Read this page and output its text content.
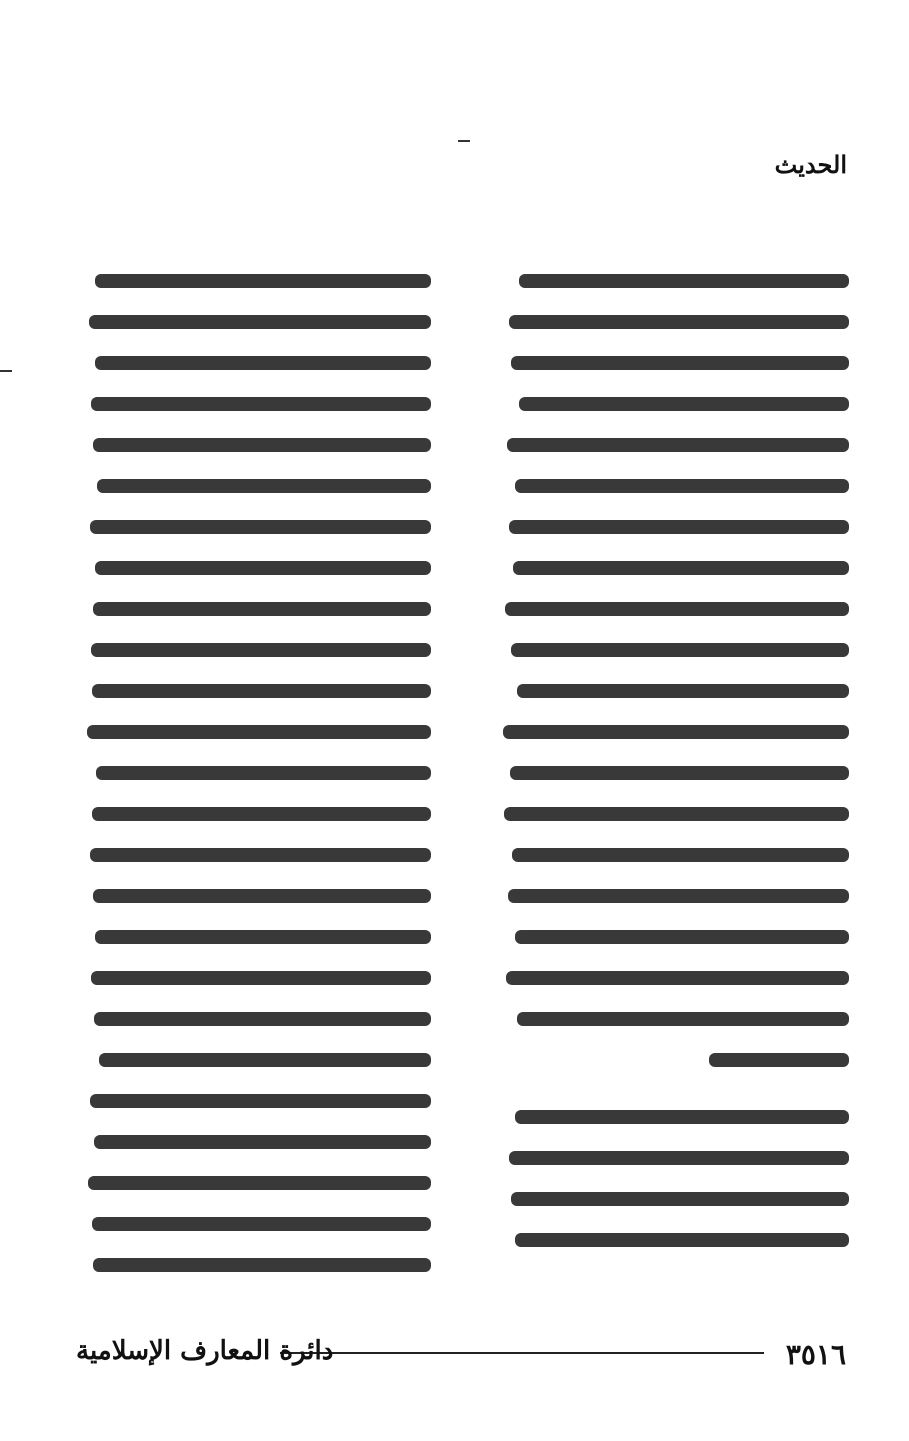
الحديث
٣٥١٦
دائرة المعارف الإسلامية
